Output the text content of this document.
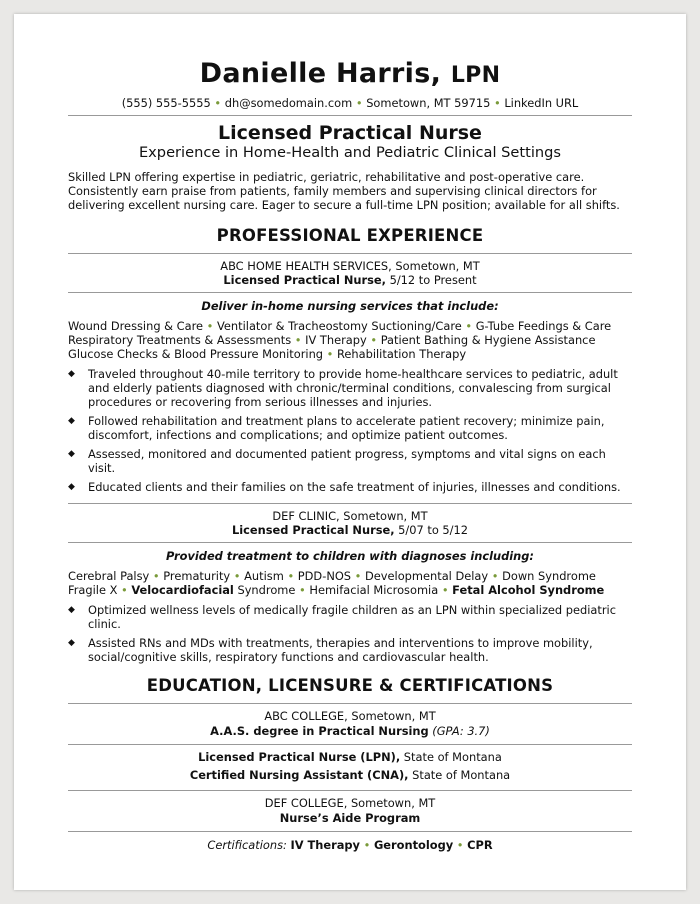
Danielle Harris, LPN
(555) 555-5555 • dh@somedomain.com • Sometown, MT 59715 • LinkedIn URL
Licensed Practical Nurse
Experience in Home-Health and Pediatric Clinical Settings
Skilled LPN offering expertise in pediatric, geriatric, rehabilitative and post-operative care. Consistently earn praise from patients, family members and supervising clinical directors for delivering excellent nursing care. Eager to secure a full-time LPN position; available for all shifts.
PROFESSIONAL EXPERIENCE
ABC HOME HEALTH SERVICES, Sometown, MT
Licensed Practical Nurse, 5/12 to Present
Deliver in-home nursing services that include:
Wound Dressing & Care • Ventilator & Tracheostomy Suctioning/Care • G-Tube Feedings & Care
Respiratory Treatments & Assessments • IV Therapy • Patient Bathing & Hygiene Assistance
Glucose Checks & Blood Pressure Monitoring • Rehabilitation Therapy
◆ Traveled throughout 40-mile territory to provide home-healthcare services to pediatric, adult and elderly patients diagnosed with chronic/terminal conditions, convalescing from surgical procedures or recovering from serious illnesses and injuries.
◆ Followed rehabilitation and treatment plans to accelerate patient recovery; minimize pain, discomfort, infections and complications; and optimize patient outcomes.
◆ Assessed, monitored and documented patient progress, symptoms and vital signs on each visit.
◆ Educated clients and their families on the safe treatment of injuries, illnesses and conditions.
DEF CLINIC, Sometown, MT
Licensed Practical Nurse, 5/07 to 5/12
Provided treatment to children with diagnoses including:
Cerebral Palsy • Prematurity • Autism • PDD-NOS • Developmental Delay • Down Syndrome
Fragile X • Velocardiofacial Syndrome • Hemifacial Microsomia • Fetal Alcohol Syndrome
◆ Optimized wellness levels of medically fragile children as an LPN within specialized pediatric clinic.
◆ Assisted RNs and MDs with treatments, therapies and interventions to improve mobility, social/cognitive skills, respiratory functions and cardiovascular health.
EDUCATION, LICENSURE & CERTIFICATIONS
ABC COLLEGE, Sometown, MT
A.A.S. degree in Practical Nursing (GPA: 3.7)
Licensed Practical Nurse (LPN), State of Montana
Certified Nursing Assistant (CNA), State of Montana
DEF COLLEGE, Sometown, MT
Nurse’s Aide Program
Certifications: IV Therapy • Gerontology • CPR
